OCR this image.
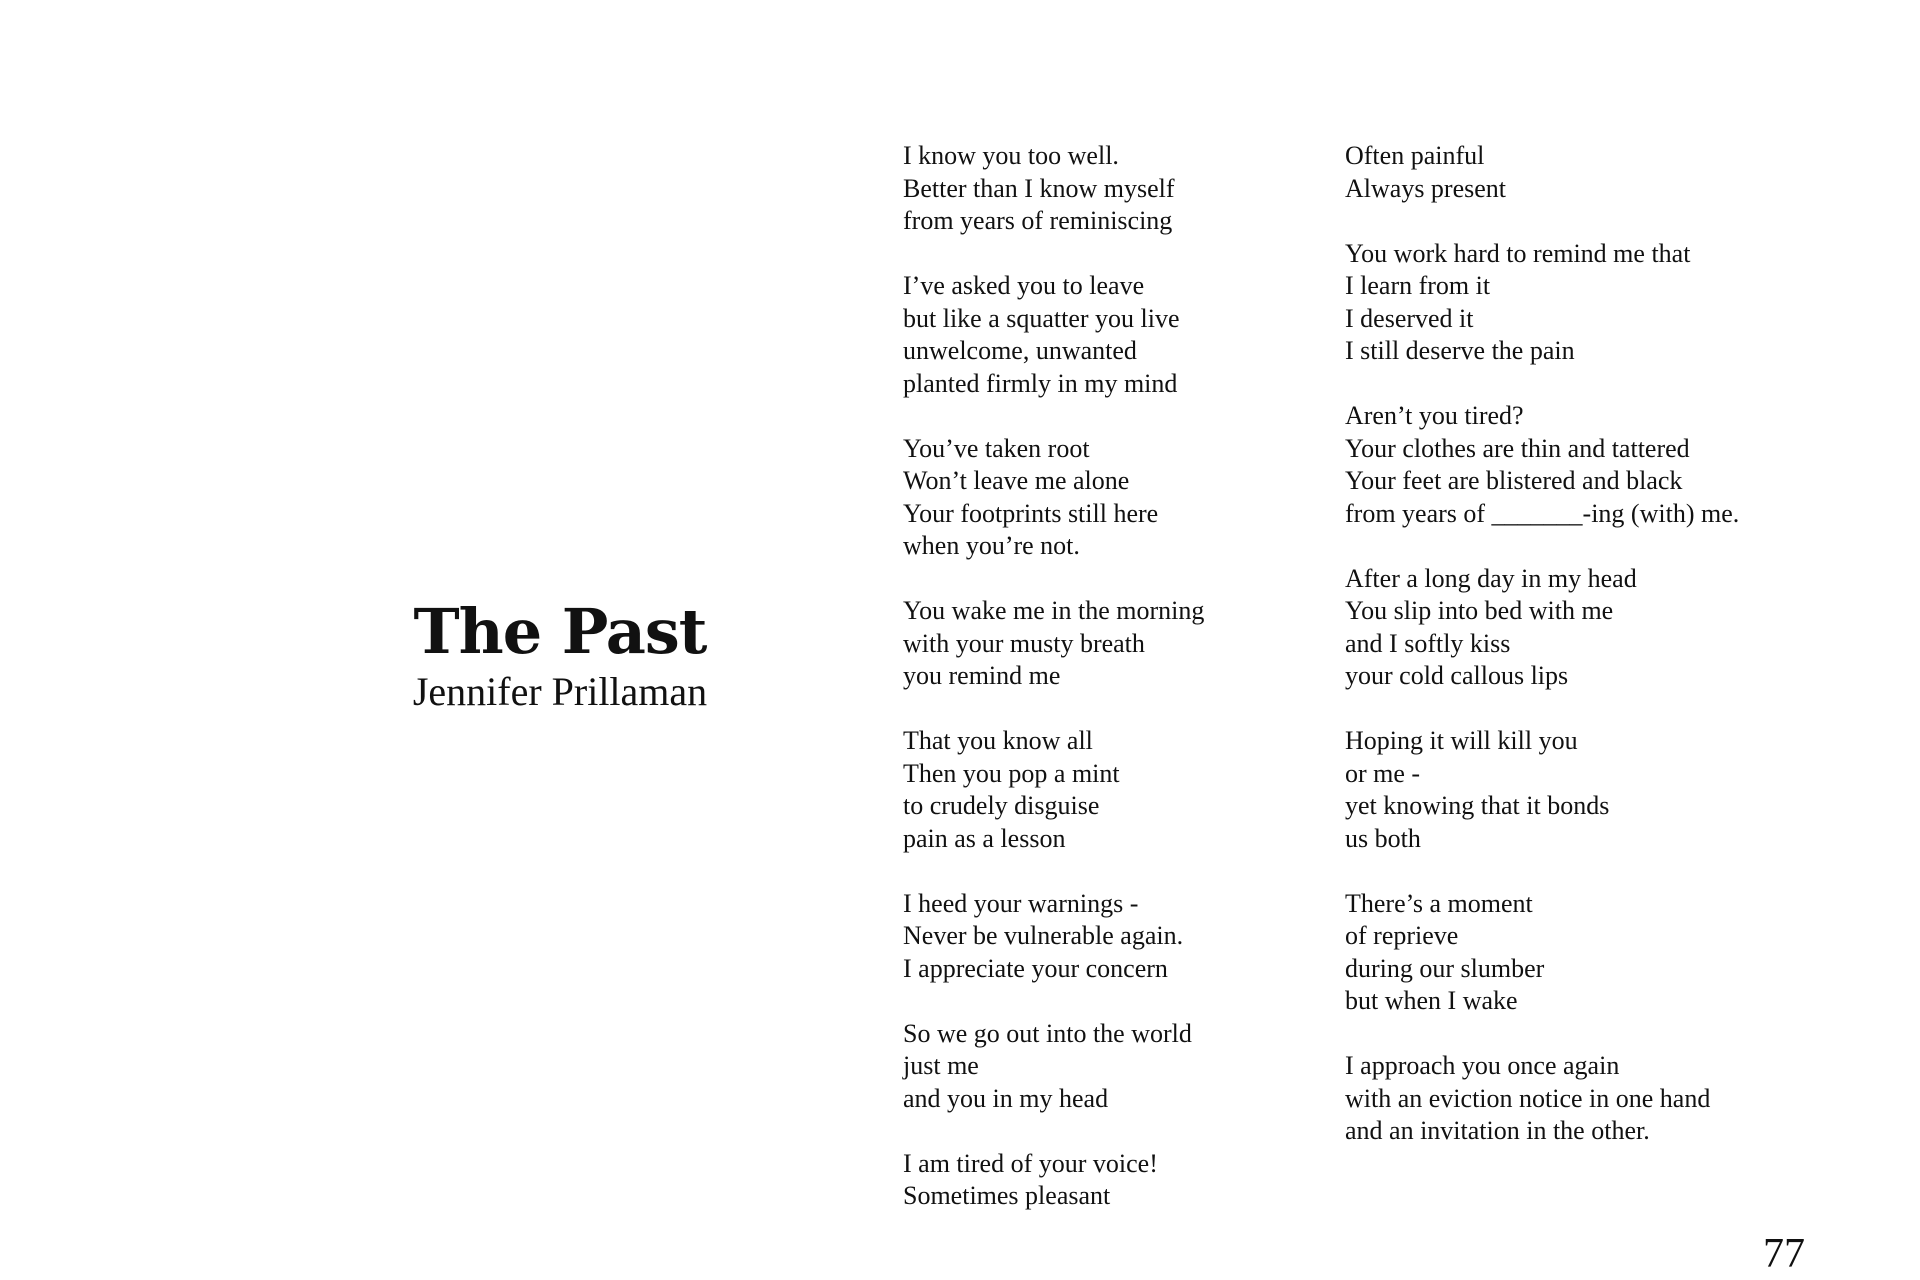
The Past
Jennifer Prillaman
I know you too well.
Better than I know myself
from years of reminiscing
I’ve asked you to leave
but like a squatter you live
unwelcome, unwanted
planted firmly in my mind
You’ve taken root
Won’t leave me alone
Your footprints still here
when you’re not.
You wake me in the morning
with your musty breath
you remind me
That you know all
Then you pop a mint
to crudely disguise
pain as a lesson
I heed your warnings -
Never be vulnerable again.
I appreciate your concern
So we go out into the world
just me
and you in my head
I am tired of your voice!
Sometimes pleasant
Often painful
Always present
You work hard to remind me that
I learn from it
I deserved it
I still deserve the pain
Aren’t you tired?
Your clothes are thin and tattered
Your feet are blistered and black
from years of _______-ing (with) me.
After a long day in my head
You slip into bed with me
and I softly kiss
your cold callous lips
Hoping it will kill you
or me -
yet knowing that it bonds
us both
There’s a moment
of reprieve
during our slumber
but when I wake
I approach you once again
with an eviction notice in one hand
and an invitation in the other.
77
